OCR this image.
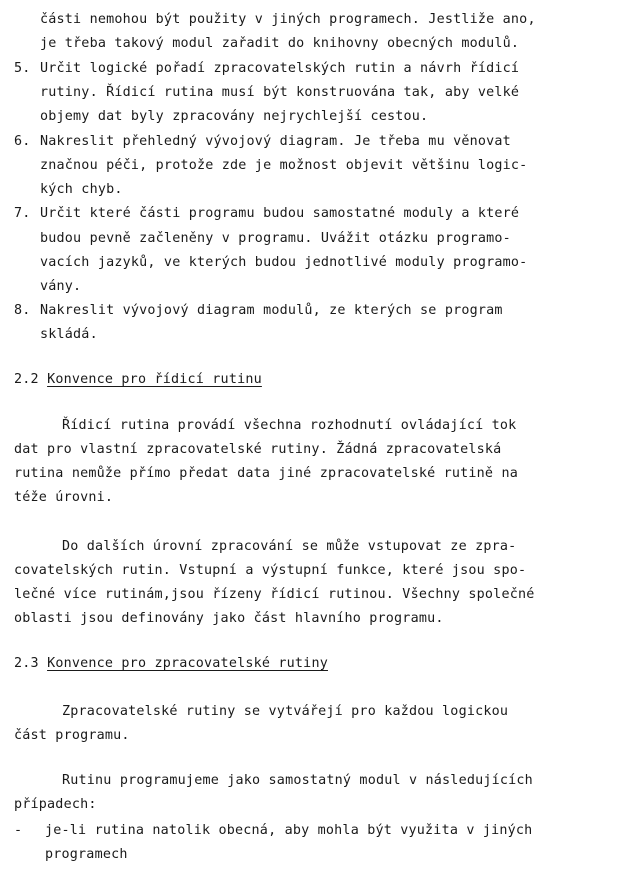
části nemohou být použity v jiných programech. Jestliže ano,
je třeba takový modul zařadit do knihovny obecných modulů.
5. Určit logické pořadí zpracovatelských rutin a návrh řídicí
rutiny. Řídicí rutina musí být konstruována tak, aby velké
objemy dat byly zpracovány nejrychlejší cestou.
6. Nakreslit přehledný vývojový diagram. Je třeba mu věnovat
značnou péči, protože zde je možnost objevit většinu logic-
kých chyb.
7. Určit které části programu budou samostatné moduly a které
budou pevně začleněny v programu. Uvážit otázku programo-
vacích jazyků, ve kterých budou jednotlivé moduly programo-
vány.
8. Nakreslit vývojový diagram modulů, ze kterých se program
skládá.
2.2 Konvence pro řídicí rutinu
Řídicí rutina provádí všechna rozhodnutí ovládající tok
dat pro vlastní zpracovatelské rutiny. Žádná zpracovatelská
rutina nemůže přímo předat data jiné zpracovatelské rutině na
téže úrovni.
Do dalších úrovní zpracování se může vstupovat ze zpra-
covatelských rutin. Vstupní a výstupní funkce, které jsou spo-
lečné více rutinám,jsou řízeny řídicí rutinou. Všechny společné
oblasti jsou definovány jako část hlavního programu.
2.3 Konvence pro zpracovatelské rutiny
Zpracovatelské rutiny se vytvářejí pro každou logickou
část programu.
Rutinu programujeme jako samostatný modul v následujících
případech:
- je-li rutina natolik obecná, aby mohla být využita v jiných
programech
